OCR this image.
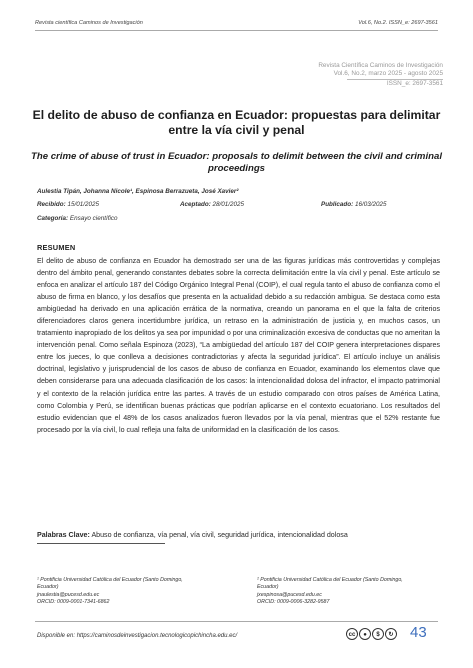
Revista científica Caminos de Investigación	Vol.6, No.2. ISSN_e: 2697-3561
Revista Científica Caminos de Investigación
Vol.6, No.2, marzo 2025 - agosto 2025
ISSN_e: 2697-3561
El delito de abuso de confianza en Ecuador: propuestas para delimitar entre la vía civil y penal
The crime of abuse of trust in Ecuador: proposals to delimit between the civil and criminal proceedings
Aulestia Tipán, Johanna Nicole¹, Espinosa Berrazueta, José Xavier²
Recibido: 15/01/2025	Aceptado: 28/01/2025	Publicado: 16/03/2025
Categoría: Ensayo científico
RESUMEN

El delito de abuso de confianza en Ecuador ha demostrado ser una de las figuras jurídicas más controvertidas y complejas dentro del ámbito penal, generando constantes debates sobre la correcta delimitación entre la vía civil y penal. Este artículo se enfoca en analizar el artículo 187 del Código Orgánico Integral Penal (COIP), el cual regula tanto el abuso de confianza como el abuso de firma en blanco, y los desafíos que presenta en la actualidad debido a su redacción ambigua. Se destaca como esta ambigüedad ha derivado en una aplicación errática de la normativa, creando un panorama en el que la falta de criterios diferenciadores claros genera incertidumbre jurídica, un retraso en la administración de justicia y, en muchos casos, un tratamiento inapropiado de los delitos ya sea por impunidad o por una criminalización excesiva de conductas que no ameritan la intervención penal. Como señala Espinoza (2023), “La ambigüedad del artículo 187 del COIP genera interpretaciones dispares entre los jueces, lo que conlleva a decisiones contradictorias y afecta la seguridad jurídica”. El artículo incluye un análisis doctrinal, legislativo y jurisprudencial de los casos de abuso de confianza en Ecuador, examinando los elementos clave que deben considerarse para una adecuada clasificación de los casos: la intencionalidad dolosa del infractor, el impacto patrimonial y el contexto de la relación jurídica entre las partes. A través de un estudio comparado con otros países de América Latina, como Colombia y Perú, se identifican buenas prácticas que podrían aplicarse en el contexto ecuatoriano. Los resultados del estudio evidencian que el 48% de los casos analizados fueron llevados por la vía penal, mientras que el 52% restante fue procesado por la vía civil, lo cual refleja una falta de uniformidad en la clasificación de los casos.

Palabras Clave: Abuso de confianza, vía penal, vía civil, seguridad jurídica, intencionalidad dolosa
¹ Pontificia Universidad Católica del Ecuador (Santo Domingo,
Ecuador)
jnaulestia@pucesd.edu.ec
ORCID: 0009-0001-7341-6862
² Pontificia Universidad Católica del Ecuador (Santo Domingo,
Ecuador)
jxespinosa@pucesd.edu.ec
ORCID: 0009-0006-3282-9587
Disponible en: https://caminosdeinvestigacion.tecnologicopichincha.edu.ec/	cc	●	$	↻ 43
